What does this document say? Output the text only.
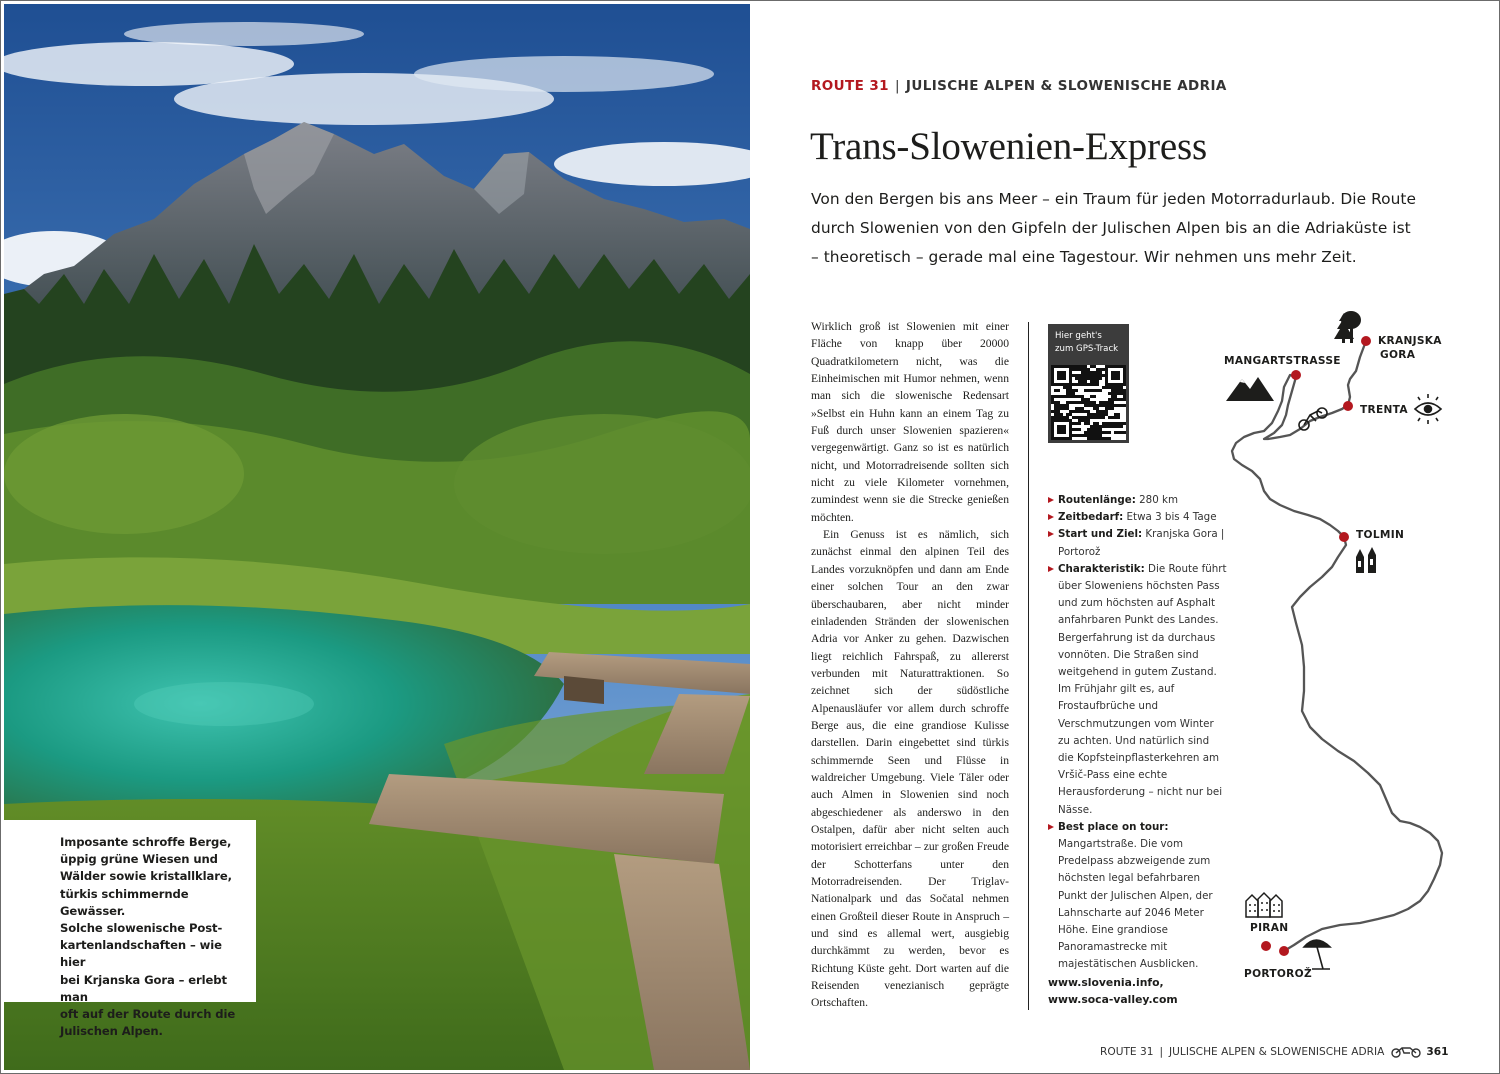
Imposante schroffe Berge,
üppig grüne Wiesen und
Wälder sowie kristallklare,
türkis schimmernde Gewässer.
Solche slowenische Post-
kartenlandschaften – wie hier
bei Krjanska Gora – erlebt man
oft auf der Route durch die
Julischen Alpen.

ROUTE 31 | JULISCHE ALPEN & SLOWENISCHE ADRIA
Trans-Slowenien-Express
Von den Bergen bis ans Meer – ein Traum für jeden Motorradurlaub. Die Route
durch Slowenien von den Gipfeln der Julischen Alpen bis an die Adriaküste ist
– theoretisch – gerade mal eine Tagestour. Wir nehmen uns mehr Zeit.

Wirklich groß ist Slowenien mit einer Fläche von knapp über 20000 Quadratkilometern nicht, was die Einheimischen mit Humor nehmen, wenn man sich die slowenische Redensart »Selbst ein Huhn kann an einem Tag zu Fuß durch unser Slowenien spazieren« vergegenwärtigt. Ganz so ist es natürlich nicht, und Motorradreisende sollten sich nicht zu viele Kilometer vornehmen, zumindest wenn sie die Strecke genießen möchten.

Ein Genuss ist es nämlich, sich zunächst einmal den alpinen Teil des Landes vorzuknöpfen und dann am Ende einer solchen Tour an den zwar überschaubaren, aber nicht minder einladenden Stränden der slowenischen Adria vor Anker zu gehen. Dazwischen liegt reichlich Fahrspaß, zu allererst verbunden mit Naturattraktionen. So zeichnet sich der südöstliche Alpenausläufer vor allem durch schroffe Berge aus, die eine grandiose Kulisse darstellen. Darin eingebettet sind türkis schimmernde Seen und Flüsse in waldreicher Umgebung. Viele Täler oder auch Almen in Slowenien sind noch abgeschiedener als anderswo in den Ostalpen, dafür aber nicht selten auch motorisiert erreichbar – zur großen Freude der Schotterfans unter den Motorradreisenden. Der Triglav-Nationalpark und das Sočatal nehmen einen Großteil dieser Route in Anspruch – und sind es allemal wert, ausgiebig durchkämmt zu werden, bevor es Richtung Küste geht. Dort warten auf die Reisenden venezianisch geprägte Ortschaften.

Hier geht's
zum GPS-Track
Routenlänge: 280 km
Zeitbedarf: Etwa 3 bis 4 Tage
Start und Ziel: Kranjska Gora | Portorož
Charakteristik: Die Route führt über Sloweniens höchsten Pass und zum höchsten auf Asphalt anfahrbaren Punkt des Landes. Bergerfahrung ist da durchaus vonnöten. Die Straßen sind weitgehend in gutem Zustand. Im Frühjahr gilt es, auf Frostaufbrüche und Verschmutzungen vom Winter zu achten. Und natürlich sind die Kopfsteinpflasterkehren am Vršič-Pass eine echte Herausforderung – nicht nur bei Nässe.
Best place on tour: Mangartstraße. Die vom Predelpass abzweigende zum höchsten legal befahrbaren Punkt der Julischen Alpen, der Lahnscharte auf 2046 Meter Höhe. Eine grandiose Panoramastrecke mit majestätischen Ausblicken.
www.slovenia.info,
www.soca-valley.com
KRANJSKA
GORA
MANGARTSTRASSE
TRENTA
TOLMIN
PIRAN
PORTOROŽ
ROUTE 31 | JULISCHE ALPEN & SLOWENISCHE ADRIA	361
